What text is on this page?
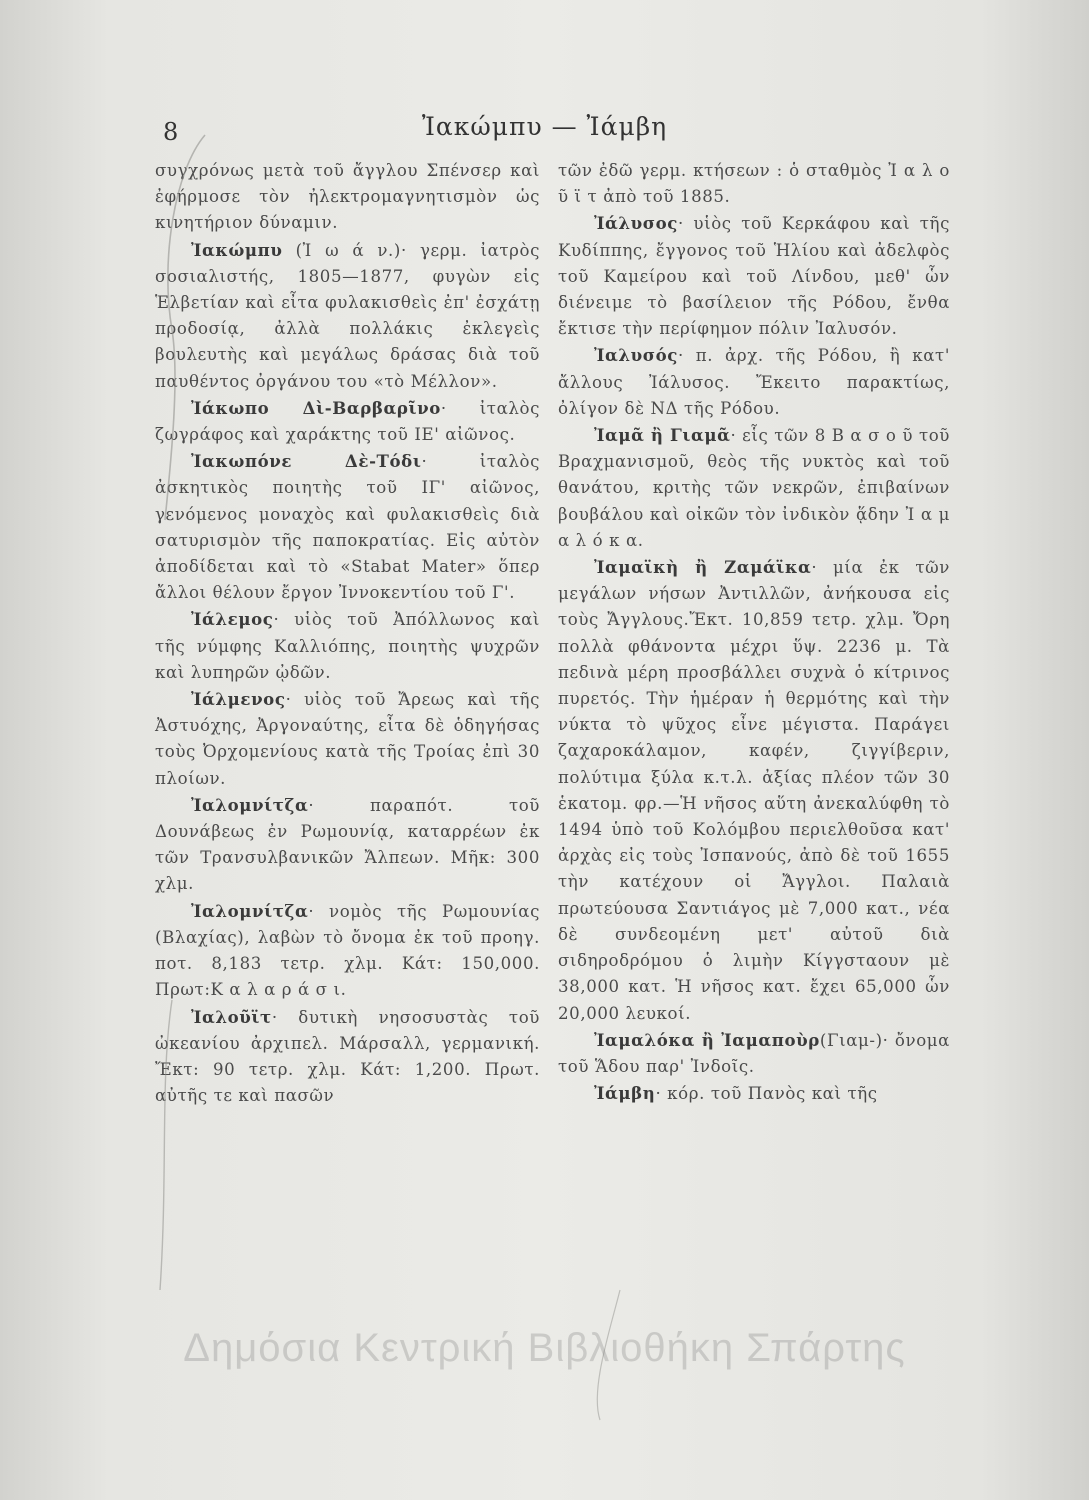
8	Ἰακώμπυ — Ἰάμβη

συγχρόνως μετὰ τοῦ ἄγγλου Σπένσερ καὶ ἐφήρμοσε τὸν ἠλεκτρομαγνητισμὸν ὡς κινητήριον δύναμιν.

Ἰακώμπυ (Ἰ ω ά ν.)· γερμ. ἰατρὸς σοσιαλιστής, 1805—1877, φυγὼν εἰς Ἑλβετίαν καὶ εἶτα φυλακισθεὶς ἐπ' ἐσχάτῃ προδοσίᾳ, ἀλλὰ πολλάκις ἐκλεγεὶς βουλευτὴς καὶ μεγάλως δράσας διὰ τοῦ παυθέντος ὀργάνου του «τὸ Μέλλον».

Ἰάκωπο Δὶ-Βαρβαρῖνο· ἰταλὸς ζωγράφος καὶ χαράκτης τοῦ ΙΕ' αἰῶνος.

Ἰακωπόνε Δὲ-Τόδι· ἰταλὸς ἀσκητικὸς ποιητὴς τοῦ ΙΓ' αἰῶνος, γενόμενος μοναχὸς καὶ φυλακισθεὶς διὰ σατυρισμὸν τῆς παποκρατίας. Εἰς αὐτὸν ἀποδίδεται καὶ τὸ «Stabat Mater» ὅπερ ἄλλοι θέλουν ἔργον Ἰννοκεντίου τοῦ Γ'.

Ἰάλεμος· υἱὸς τοῦ Ἀπόλλωνος καὶ τῆς νύμφης Καλλιόπης, ποιητὴς ψυχρῶν καὶ λυπηρῶν ᾠδῶν.

Ἰάλμενος· υἱὸς τοῦ Ἄρεως καὶ τῆς Ἀστυόχης, Ἀργοναύτης, εἶτα δὲ ὁδηγήσας τοὺς Ὀρχομενίους κατὰ τῆς Τροίας ἐπὶ 30 πλοίων.

Ἰαλομνίτζα· παραπότ. τοῦ Δουνάβεως ἐν Ρωμουνίᾳ, καταρρέων ἐκ τῶν Τρανσυλβανικῶν Ἄλπεων. Μῆκ: 300 χλμ.

Ἰαλομνίτζα· νομὸς τῆς Ρωμουνίας (Βλαχίας), λαβὼν τὸ ὄνομα ἐκ τοῦ προηγ. ποτ. 8,183 τετρ. χλμ. Κάτ: 150,000. Πρωτ:Κ α λ α ρ ά σ ι.

Ἰαλοῦϊτ· δυτικὴ νησοσυστὰς τοῦ ὠκεανίου ἀρχιπελ. Μάρσαλλ, γερμανική. Ἔκτ: 90 τετρ. χλμ. Κάτ: 1,200. Πρωτ. αὐτῆς τε καὶ πασῶν

τῶν ἐδῶ γερμ. κτήσεων : ὁ σταθμὸς Ἰ α λ ο ῦ ϊ τ ἀπὸ τοῦ 1885.

Ἰάλυσος· υἱὸς τοῦ Κερκάφου καὶ τῆς Κυδίππης, ἔγγονος τοῦ Ἡλίου καὶ ἀδελφὸς τοῦ Καμείρου καὶ τοῦ Λίνδου, μεθ' ὧν διένειμε τὸ βασίλειον τῆς Ρόδου, ἔνθα ἔκτισε τὴν περίφημον πόλιν Ἰαλυσόν.

Ἰαλυσός· π. ἀρχ. τῆς Ρόδου, ἢ κατ' ἄλλους Ἰάλυσος. Ἔκειτο παρακτίως, ὀλίγον δὲ ΝΔ τῆς Ρόδου.

Ἰαμᾶ ἢ Γιαμᾶ· εἷς τῶν 8 Β α σ ο ῦ τοῦ Βραχμανισμοῦ, θεὸς τῆς νυκτὸς καὶ τοῦ θανάτου, κριτὴς τῶν νεκρῶν, ἐπιβαίνων βουβάλου καὶ οἰκῶν τὸν ἰνδικὸν ᾅδην Ἰ α μ α λ ό κ α.

Ἰαμαϊκὴ ἢ Ζαμάϊκα· μία ἐκ τῶν μεγάλων νήσων Ἀντιλλῶν, ἀνήκουσα εἰς τοὺς Ἄγγλους.Ἔκτ. 10,859 τετρ. χλμ. Ὄρη πολλὰ φθάνοντα μέχρι ὕψ. 2236 μ. Τὰ πεδινὰ μέρη προσβάλλει συχνὰ ὁ κίτρινος πυρετός. Τὴν ἡμέραν ἡ θερμότης καὶ τὴν νύκτα τὸ ψῦχος εἶνε μέγιστα. Παράγει ζαχαροκάλαμον, καφέν, ζιγγίβεριν, πολύτιμα ξύλα κ.τ.λ. ἀξίας πλέον τῶν 30 ἑκατομ. φρ.—Ἡ νῆσος αὕτη ἀνεκαλύφθη τὸ 1494 ὑπὸ τοῦ Κολόμβου περιελθοῦσα κατ' ἀρχὰς εἰς τοὺς Ἰσπανούς, ἀπὸ δὲ τοῦ 1655 τὴν κατέχουν οἱ Ἄγγλοι. Παλαιὰ πρωτεύουσα Σαντιάγος μὲ 7,000 κατ., νέα δὲ συνδεομένη μετ' αὐτοῦ διὰ σιδηροδρόμου ὁ λιμὴν Κίγγσταουν μὲ 38,000 κατ. Ἡ νῆσος κατ. ἔχει 65,000 ὧν 20,000 λευκοί.

Ἰαμαλόκα ἢ Ἰαμαποὺρ(Γιαμ-)· ὄνομα τοῦ Ἅδου παρ' Ἰνδοῖς.

Ἰάμβη· κόρ. τοῦ Πανὸς καὶ τῆς

Δημόσια Κεντρική Βιβλιοθήκη Σπάρτης
